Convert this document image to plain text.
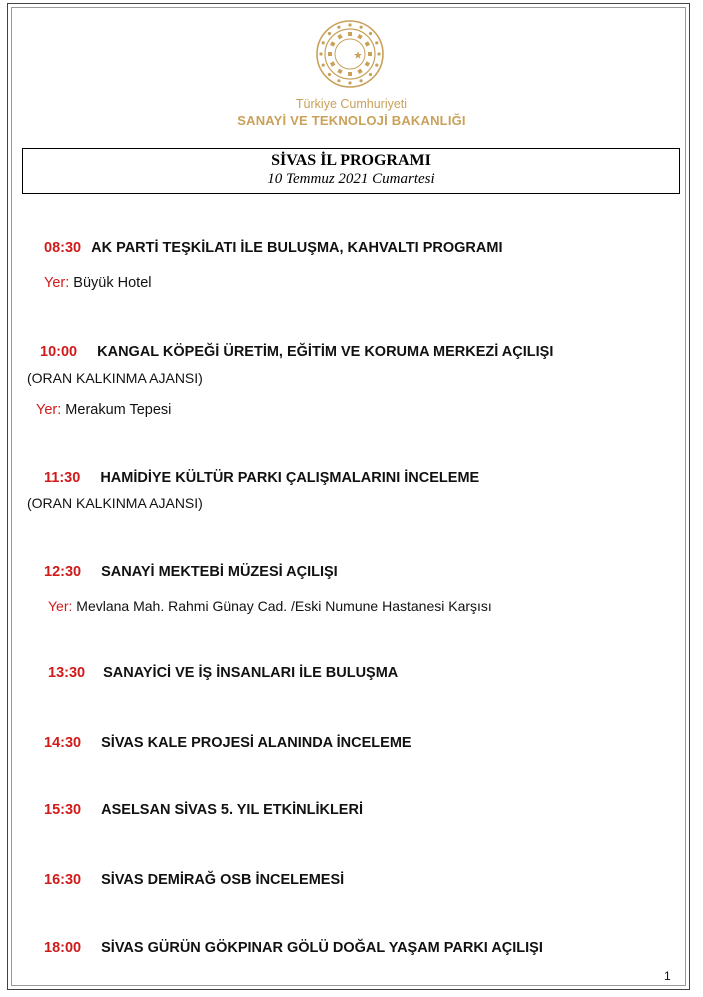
Türkiye Cumhuriyeti
SANAYİ VE TEKNOLOJİ BAKANLIĞI
SİVAS İL PROGRAMI
10 Temmuz 2021 Cumartesi
08:30 AK PARTİ TEŞKİLATI İLE BULUŞMA, KAHVALTI PROGRAMI
Yer: Büyük Hotel
10:00 KANGAL KÖPEĞİ ÜRETİM, EĞİTİM VE KORUMA MERKEZİ AÇILIŞI
(ORAN KALKINMA AJANSI)
Yer: Merakum Tepesi
11:30 HAMİDİYE KÜLTÜR PARKI ÇALIŞMALARINI İNCELEME
(ORAN KALKINMA AJANSI)
12:30 SANAYİ MEKTEBİ MÜZESİ AÇILIŞI
Yer: Mevlana Mah. Rahmi Günay Cad. /Eski Numune Hastanesi Karşısı
13:30 SANAYİCİ VE İŞ İNSANLARI İLE BULUŞMA
14:30 SİVAS KALE PROJESİ ALANINDA İNCELEME
15:30 ASELSAN SİVAS 5. YIL ETKİNLİKLERİ
16:30 SİVAS DEMİRAĞ OSB İNCELEMESİ
18:00 SİVAS GÜRÜN GÖKPINAR GÖLÜ DOĞAL YAŞAM PARKI AÇILIŞI
1
